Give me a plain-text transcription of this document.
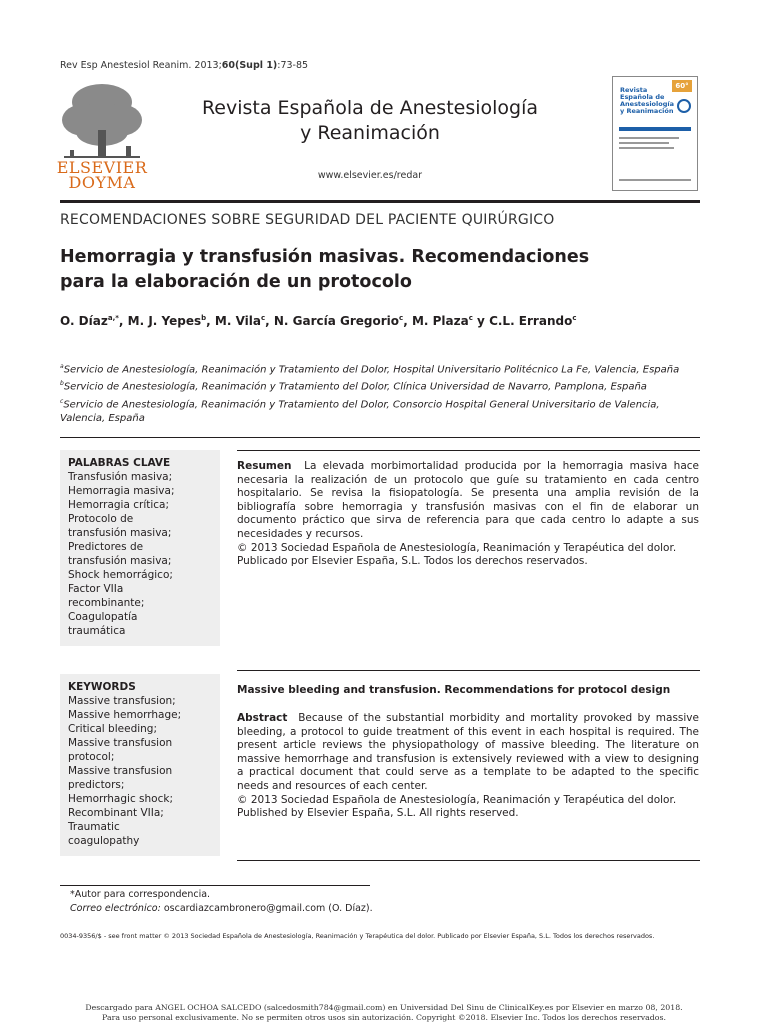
Rev Esp Anestesiol Reanim. 2013;60(Supl 1):73-85
ELSEVIER
DOYMA
Revista Española de Anestesiología
y Reanimación
www.elsevier.es/redar
Revista Española de Anestesiología y Reanimación
60°
RECOMENDACIONES SOBRE SEGURIDAD DEL PACIENTE QUIRÚRGICO
Hemorragia y transfusión masivas. Recomendaciones
para la elaboración de un protocolo
O. Díaz$^{a,*}$, M. J. Yepes$^b$, M. Vila$^c$, N. García Gregorio$^c$, M. Plaza$^c$ y C.L. Errando$^c$
$^a$Servicio de Anestesiología, Reanimación y Tratamiento del Dolor, Hospital Universitario Politécnico La Fe, Valencia, España
$^b$Servicio de Anestesiología, Reanimación y Tratamiento del Dolor, Clínica Universidad de Navarro, Pamplona, España
$^c$Servicio de Anestesiología, Reanimación y Tratamiento del Dolor, Consorcio Hospital General Universitario de Valencia, Valencia, España
PALABRAS CLAVE
Transfusión masiva;
Hemorragia masiva;
Hemorragia crítica;
Protocolo de
transfusión masiva;
Predictores de
transfusión masiva;
Shock hemorrágico;
Factor VIIa
recombinante;
Coagulopatía
traumática
Resumen La elevada morbimortalidad producida por la hemorragia masiva hace necesaria la realización de un protocolo que guíe su tratamiento en cada centro hospitalario. Se revisa la fisiopatología. Se presenta una amplia revisión de la bibliografía sobre hemorragia y transfusión masivas con el fin de elaborar un documento práctico que sirva de referencia para que cada centro lo adapte a sus necesidades y recursos.
© 2013 Sociedad Española de Anestesiología, Reanimación y Terapéutica del dolor. Publicado por Elsevier España, S.L. Todos los derechos reservados.
KEYWORDS
Massive transfusion;
Massive hemorrhage;
Critical bleeding;
Massive transfusion
protocol;
Massive transfusion
predictors;
Hemorrhagic shock;
Recombinant VIIa;
Traumatic
coagulopathy
Massive bleeding and transfusion. Recommendations for protocol design
Abstract Because of the substantial morbidity and mortality provoked by massive bleeding, a protocol to guide treatment of this event in each hospital is required. The present article reviews the physiopathology of massive bleeding. The literature on massive hemorrhage and transfusion is extensively reviewed with a view to designing a practical document that could serve as a template to be adapted to the specific needs and resources of each center.
© 2013 Sociedad Española de Anestesiología, Reanimación y Terapéutica del dolor. Published by Elsevier España, S.L. All rights reserved.
*Autor para correspondencia.
Correo electrónico: oscardiazcambronero@gmail.com (O. Díaz).
0034-9356/$ - see front matter © 2013 Sociedad Española de Anestesiología, Reanimación y Terapéutica del dolor. Publicado por Elsevier España, S.L. Todos los derechos reservados.
Descargado para ANGEL OCHOA SALCEDO (salcedosmith784@gmail.com) en Universidad Del Sinu de ClinicalKey.es por Elsevier en marzo 08, 2018.
Para uso personal exclusivamente. No se permiten otros usos sin autorización. Copyright ©2018. Elsevier Inc. Todos los derechos reservados.
